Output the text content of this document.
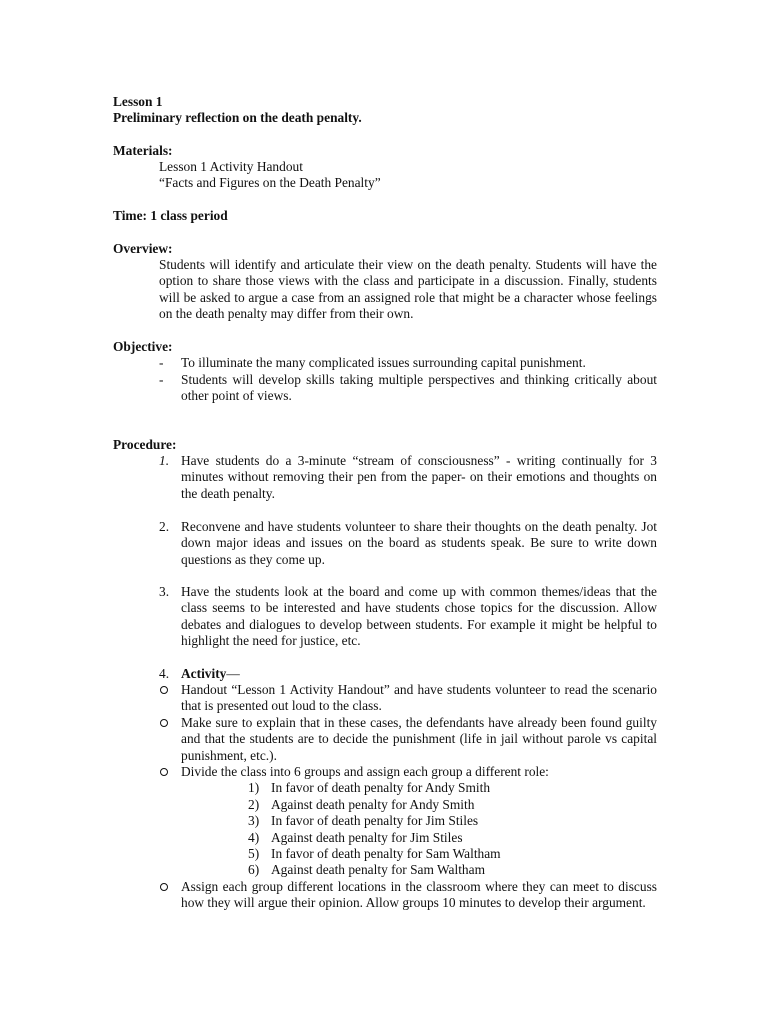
Lesson 1
Preliminary reflection on the death penalty.
Materials:
Lesson 1 Activity Handout
“Facts and Figures on the Death Penalty”
Time: 1 class period
Overview:
Students will identify and articulate their view on the death penalty. Students will have the option to share those views with the class and participate in a discussion. Finally, students will be asked to argue a case from an assigned role that might be a character whose feelings on the death penalty may differ from their own.
Objective:
- To illuminate the many complicated issues surrounding capital punishment.
- Students will develop skills taking multiple perspectives and thinking critically about other point of views.
Procedure:
1. Have students do a 3-minute “stream of consciousness” - writing continually for 3 minutes without removing their pen from the paper- on their emotions and thoughts on the death penalty.
2. Reconvene and have students volunteer to share their thoughts on the death penalty. Jot down major ideas and issues on the board as students speak. Be sure to write down questions as they come up.
3. Have the students look at the board and come up with common themes/ideas that the class seems to be interested and have students chose topics for the discussion. Allow debates and dialogues to develop between students. For example it might be helpful to highlight the need for justice, etc.
4. Activity—
Handout “Lesson 1 Activity Handout” and have students volunteer to read the scenario that is presented out loud to the class.
Make sure to explain that in these cases, the defendants have already been found guilty and that the students are to decide the punishment (life in jail without parole vs capital punishment, etc.).
Divide the class into 6 groups and assign each group a different role:
1) In favor of death penalty for Andy Smith
2) Against death penalty for Andy Smith
3) In favor of death penalty for Jim Stiles
4) Against death penalty for Jim Stiles
5) In favor of death penalty for Sam Waltham
6) Against death penalty for Sam Waltham
Assign each group different locations in the classroom where they can meet to discuss how they will argue their opinion. Allow groups 10 minutes to develop their argument.
